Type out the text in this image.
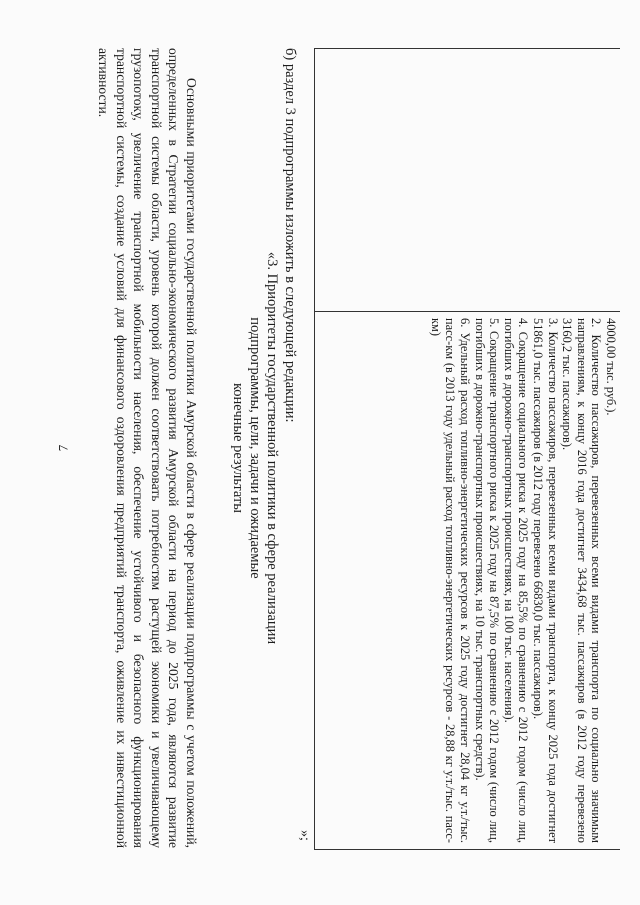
7

4000,00 тыс. руб.).

2. Количество пассажиров, перевезенных всеми видами транспорта по социально значимым направлениям, к концу 2016 года достигнет 3434,68 тыс. пассажиров (в 2012 году перевезено 3160,2 тыс. пассажиров).

3. Количество пассажиров, перевезенных всеми видами транспорта, к концу 2025 года достигнет 51861,0 тыс. пассажиров (в 2012 году перевезено 66830,0 тыс. пассажиров).

4. Сокращение социального риска к 2025 году на 85,5% по сравнению с 2012 годом (число лиц, погибших в дорожно-транспортных происшествиях, на 100 тыс. населения).

5. Сокращение транспортного риска к 2025 году на 87,5% по сравнению с 2012 годом (число лиц, погибших в дорожно-транспортных происшествиях, на 10 тыс. транспортных средств).

6. Удельный расход топливно-энергетических ресурсов к 2025 году достигнет 28,04 кг у.т./тыс. пасс-км (в 2013 году удельный расход топливно-энергетических ресурсов - 28,88 кг у.т./тыс. пасс-км)

»;
б) раздел 3 подпрограммы изложить в следующей редакции:
«3. Приоритеты государственной политики в сфере реализации
подпрограммы, цели, задачи и ожидаемые
конечные результаты
Основными приоритетами государственной политики Амурской области в сфере реализации подпрограммы с учетом положений, определенных в Стратегии социально-экономического развития Амурской области на период до 2025 года, являются развитие транспортной системы области, уровень которой должен соответствовать потребностям растущей экономики и увеличивающему грузопотоку, увеличение транспортной мобильности населения, обеспечение устойчивого и безопасного функционирования транспортной системы, создание условий для финансового оздоровления предприятий транспорта, оживление их инвестиционной активности.
